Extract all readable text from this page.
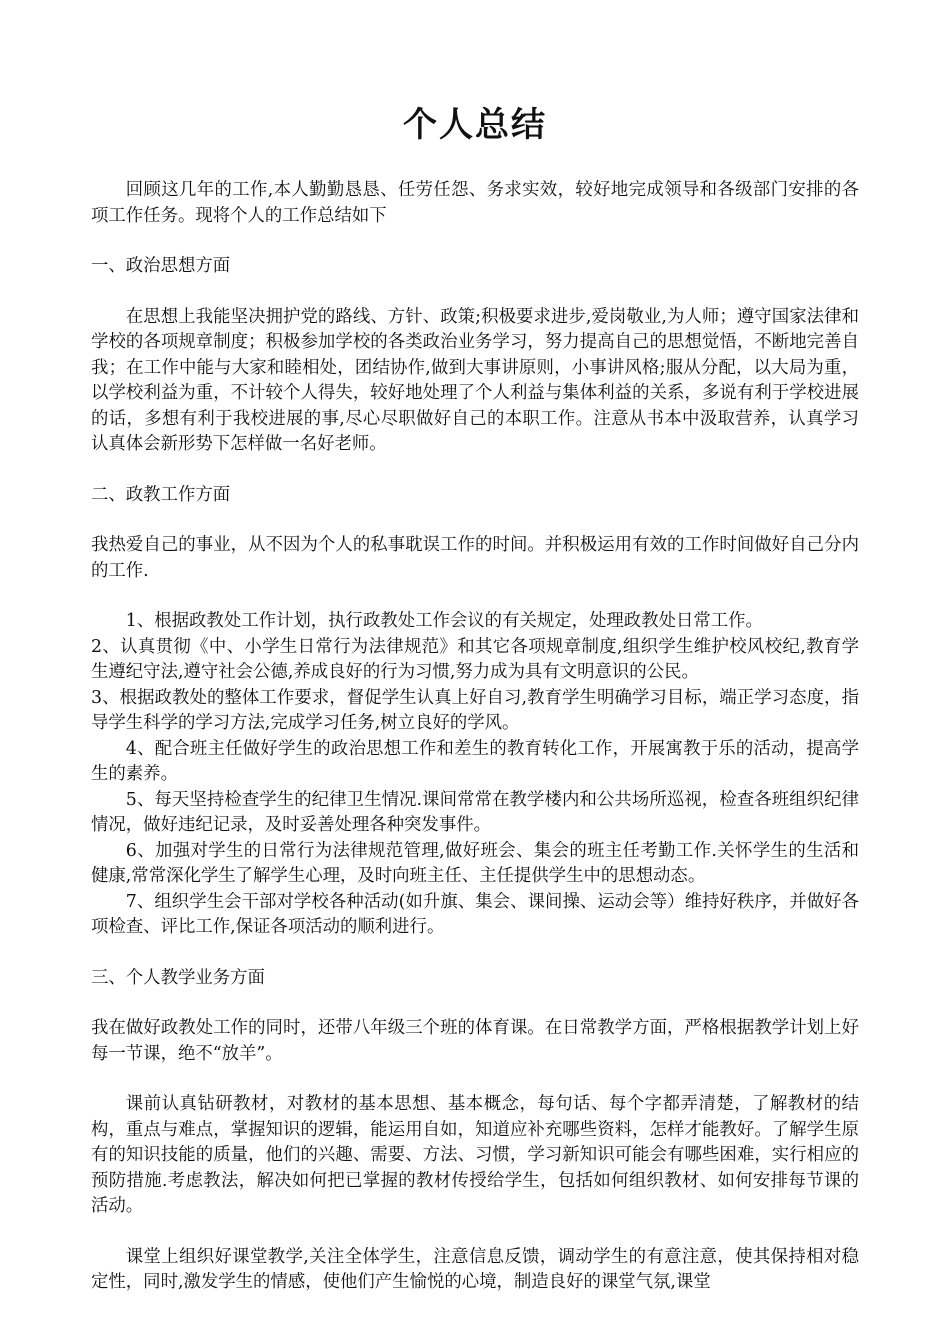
个人总结

回顾这几年的工作,本人勤勤恳恳、任劳任怨、务求实效，较好地完成领导和各级部门安排的各项工作任务。现将个人的工作总结如下

一、政治思想方面

在思想上我能坚决拥护党的路线、方针、政策;积极要求进步,爱岗敬业,为人师；遵守国家法律和学校的各项规章制度；积极参加学校的各类政治业务学习，努力提高自己的思想觉悟，不断地完善自我；在工作中能与大家和睦相处，团结协作,做到大事讲原则，小事讲风格;服从分配，以大局为重，以学校利益为重，不计较个人得失，较好地处理了个人利益与集体利益的关系，多说有利于学校进展的话，多想有利于我校进展的事,尽心尽职做好自己的本职工作。注意从书本中汲取营养，认真学习认真体会新形势下怎样做一名好老师。

二、政教工作方面

我热爱自己的事业，从不因为个人的私事耽误工作的时间。并积极运用有效的工作时间做好自己分内的工作.

1、根据政教处工作计划，执行政教处工作会议的有关规定，处理政教处日常工作。

2、认真贯彻《中、小学生日常行为法律规范》和其它各项规章制度,组织学生维护校风校纪,教育学生遵纪守法,遵守社会公德,养成良好的行为习惯,努力成为具有文明意识的公民。

3、根据政教处的整体工作要求，督促学生认真上好自习,教育学生明确学习目标，端正学习态度，指导学生科学的学习方法,完成学习任务,树立良好的学风。

4、配合班主任做好学生的政治思想工作和差生的教育转化工作，开展寓教于乐的活动，提高学生的素养。

5、每天坚持检查学生的纪律卫生情况.课间常常在教学楼内和公共场所巡视，检查各班组织纪律情况，做好违纪记录，及时妥善处理各种突发事件。

6、加强对学生的日常行为法律规范管理,做好班会、集会的班主任考勤工作.关怀学生的生活和健康,常常深化学生了解学生心理，及时向班主任、主任提供学生中的思想动态。

7、组织学生会干部对学校各种活动(如升旗、集会、课间操、运动会等）维持好秩序，并做好各项检查、评比工作,保证各项活动的顺利进行。

三、个人教学业务方面

我在做好政教处工作的同时，还带八年级三个班的体育课。在日常教学方面，严格根据教学计划上好每一节课，绝不“放羊”。

课前认真钻研教材，对教材的基本思想、基本概念，每句话、每个字都弄清楚，了解教材的结构，重点与难点，掌握知识的逻辑，能运用自如，知道应补充哪些资料，怎样才能教好。了解学生原有的知识技能的质量，他们的兴趣、需要、方法、习惯，学习新知识可能会有哪些困难，实行相应的预防措施.考虑教法，解决如何把已掌握的教材传授给学生，包括如何组织教材、如何安排每节课的活动。

课堂上组织好课堂教学,关注全体学生，注意信息反馈，调动学生的有意注意，使其保持相对稳定性，同时,激发学生的情感，使他们产生愉悦的心境，制造良好的课堂气氛,课堂
